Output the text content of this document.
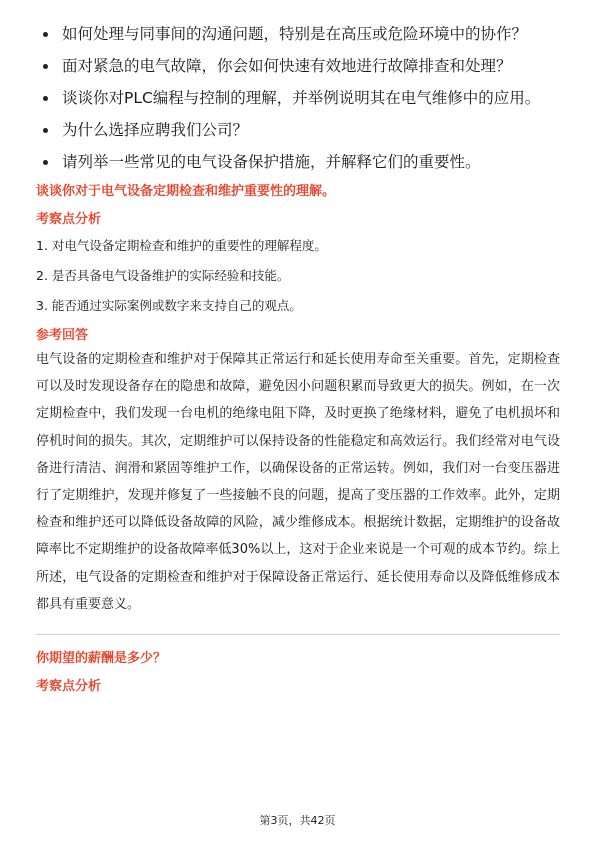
如何处理与同事间的沟通问题，特别是在高压或危险环境中的协作？
面对紧急的电气故障，你会如何快速有效地进行故障排查和处理？
谈谈你对PLC编程与控制的理解，并举例说明其在电气维修中的应用。
为什么选择应聘我们公司？
请列举一些常见的电气设备保护措施，并解释它们的重要性。
谈谈你对于电气设备定期检查和维护重要性的理解。
考察点分析
1. 对电气设备定期检查和维护的重要性的理解程度。
2. 是否具备电气设备维护的实际经验和技能。
3. 能否通过实际案例或数字来支持自己的观点。
参考回答

电气设备的定期检查和维护对于保障其正常运行和延长使用寿命至关重要。首先，定期检查可以及时发现设备存在的隐患和故障，避免因小问题积累而导致更大的损失。例如，在一次定期检查中，我们发现一台电机的绝缘电阻下降，及时更换了绝缘材料，避免了电机损坏和停机时间的损失。其次，定期维护可以保持设备的性能稳定和高效运行。我们经常对电气设备进行清洁、润滑和紧固等维护工作，以确保设备的正常运转。例如，我们对一台变压器进行了定期维护，发现并修复了一些接触不良的问题，提高了变压器的工作效率。此外，定期检查和维护还可以降低设备故障的风险，减少维修成本。根据统计数据，定期维护的设备故障率比不定期维护的设备故障率低30%以上，这对于企业来说是一个可观的成本节约。综上所述，电气设备的定期检查和维护对于保障设备正常运行、延长使用寿命以及降低维修成本都具有重要意义。

你期望的薪酬是多少？
考察点分析
第3页，共42页
